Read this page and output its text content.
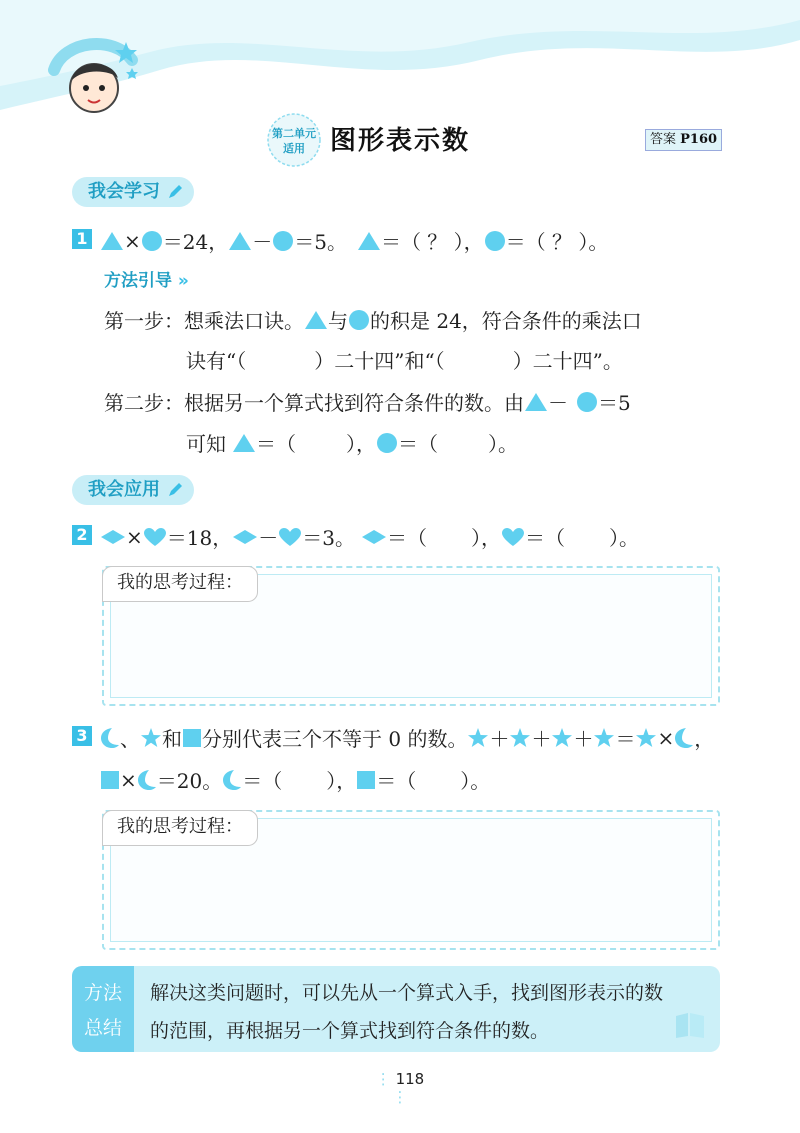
第二单元
适用 图形表示数	答案 P160
我会学习
1 × ＝24， － ＝5。 ＝（ ？ ）， ＝（ ？ ）。
方法引导 »
第一步： 想乘法口诀。 与 的积是 24，符合条件的乘法口
诀有“（	）二十四”和“（	）二十四”。
第二步： 根据另一个算式找到符合条件的数。由 － ＝5
可知 ＝（	）， ＝（	）。
我会应用
2 × ＝18， － ＝3。 ＝（ ）， ＝（ ）。
我的思考过程：
3 、 和 分别代表三个不等于 0 的数。 ＋ ＋ ＋ ＝ × ，
× ＝20。 ＝（ ）， ＝（ ）。
我的思考过程：
方法
总结
解决这类问题时，可以先从一个算式入手，找到图形表示的数
的范围，再根据另一个算式找到符合条件的数。
⋮ 118 ⋮
